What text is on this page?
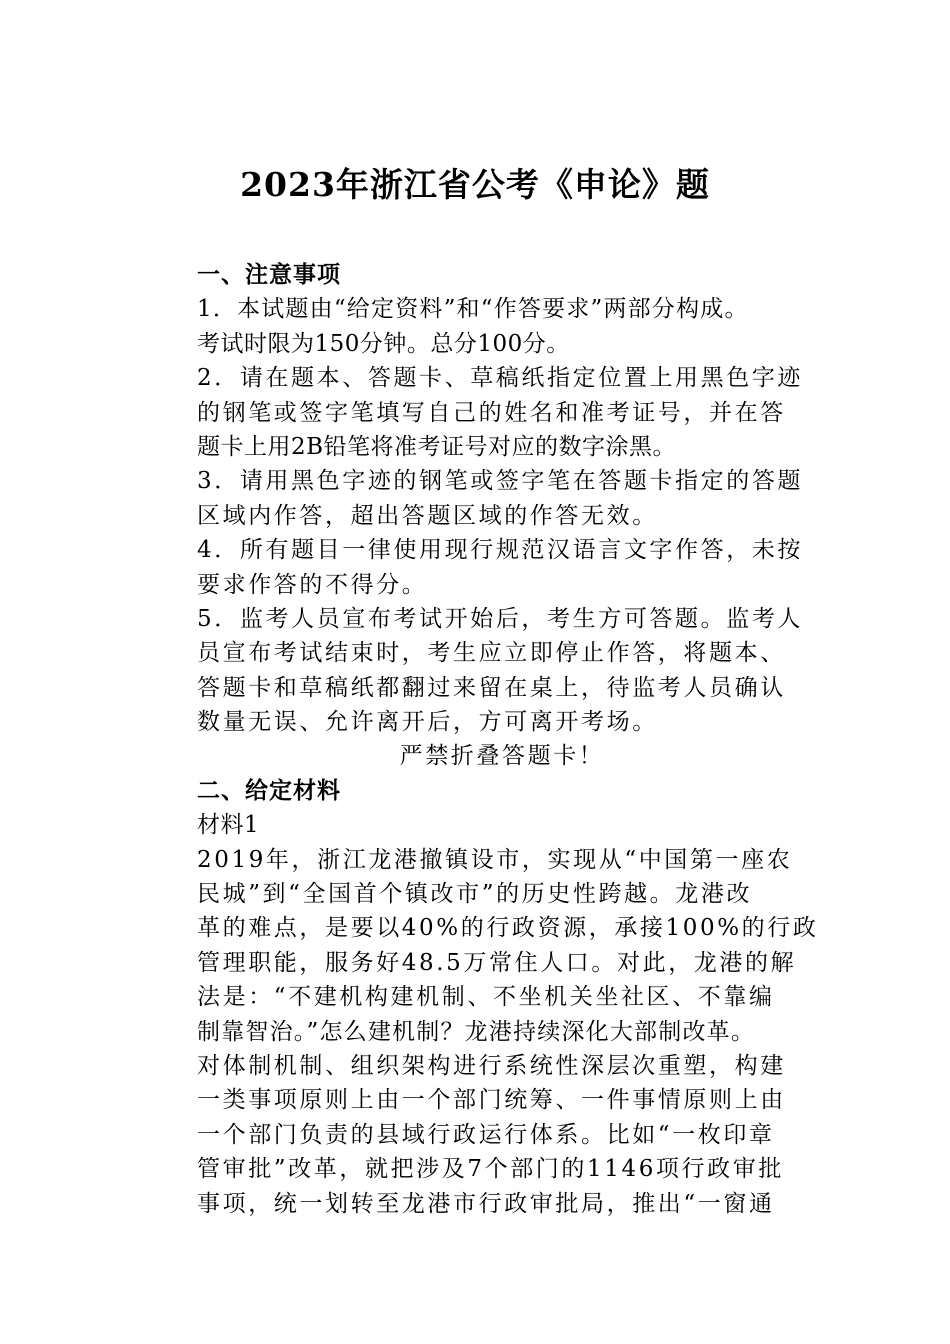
2023年浙江省公考《申论》题
一、注意事项
1．本试题由“给定资料”和“作答要求”两部分构成。
考试时限为150分钟。总分100分。
2．请在题本、答题卡、草稿纸指定位置上用黑色字迹
的钢笔或签字笔填写自己的姓名和准考证号，并在答
题卡上用2B铅笔将准考证号对应的数字涂黑。
3．请用黑色字迹的钢笔或签字笔在答题卡指定的答题
区域内作答，超出答题区域的作答无效。
4．所有题目一律使用现行规范汉语言文字作答，未按
要求作答的不得分。
5．监考人员宣布考试开始后，考生方可答题。监考人
员宣布考试结束时，考生应立即停止作答，将题本、
答题卡和草稿纸都翻过来留在桌上，待监考人员确认
数量无误、允许离开后，方可离开考场。
严禁折叠答题卡！
二、给定材料
材料1
2019年，浙江龙港撤镇设市，实现从“中国第一座农
民城”到“全国首个镇改市”的历史性跨越。龙港改
革的难点，是要以40%的行政资源，承接100%的行政
管理职能，服务好48.5万常住人口。对此，龙港的解
法是：“不建机构建机制、不坐机关坐社区、不靠编
制靠智治。”怎么建机制？龙港持续深化大部制改革。
对体制机制、组织架构进行系统性深层次重塑，构建
一类事项原则上由一个部门统筹、一件事情原则上由
一个部门负责的县域行政运行体系。比如“一枚印章
管审批”改革，就把涉及7个部门的1146项行政审批
事项，统一划转至龙港市行政审批局，推出“一窗通
